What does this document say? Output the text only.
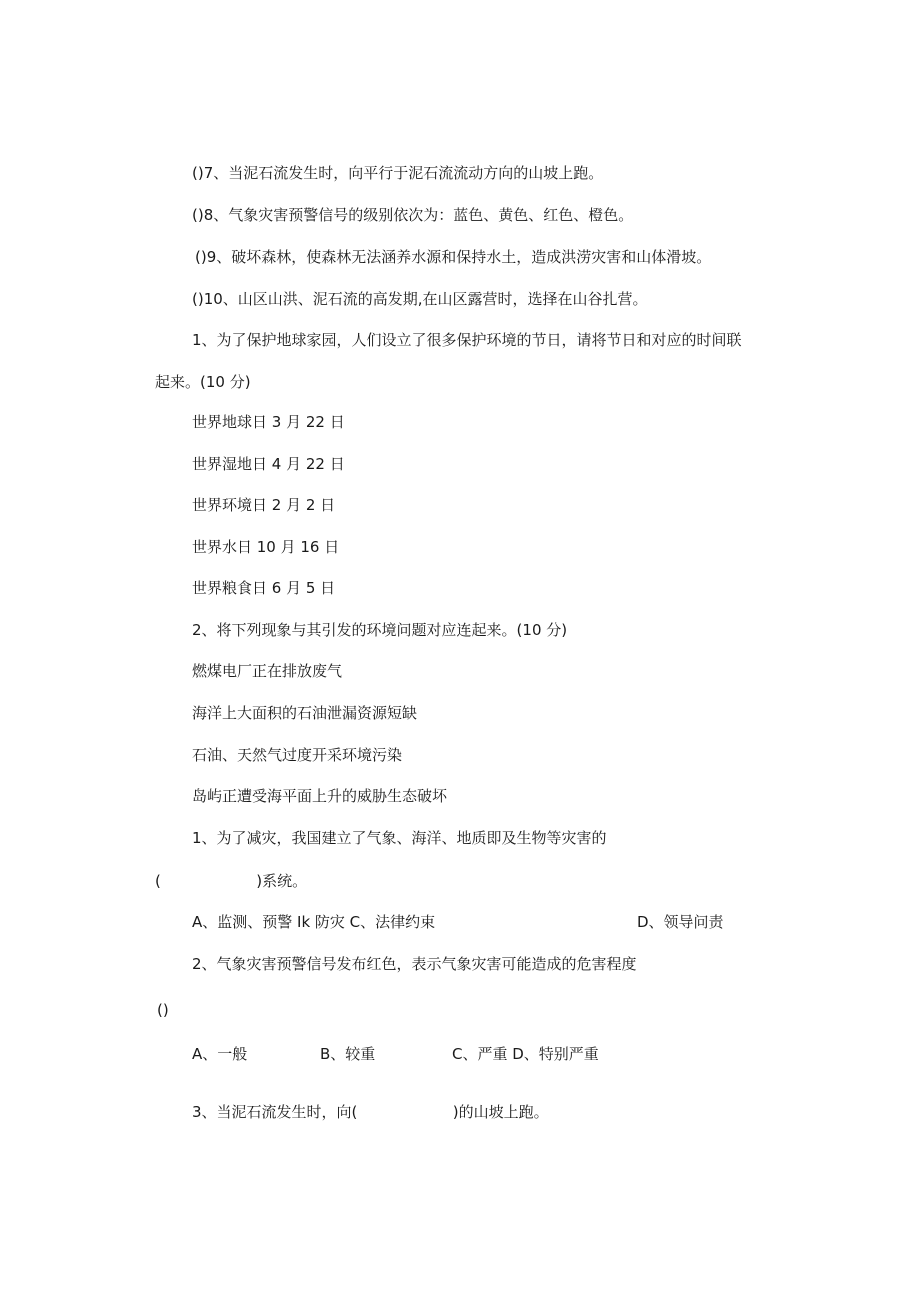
()7、当泥石流发生时，向平行于泥石流流动方向的山坡上跑。
()8、气象灾害预警信号的级别依次为：蓝色、黄色、红色、橙色。
()9、破坏森林，使森林无法涵养水源和保持水土，造成洪涝灾害和山体滑坡。
()10、山区山洪、泥石流的高发期,在山区露营时，选择在山谷扎营。
1、为了保护地球家园，人们设立了很多保护环境的节日，请将节日和对应的时间联
起来。(10 分)
世界地球日 3 月 22 日
世界湿地日 4 月 22 日
世界环境日 2 月 2 日
世界水日 10 月 16 日
世界粮食日 6 月 5 日
2、将下列现象与其引发的环境问题对应连起来。(10 分)
燃煤电厂正在排放废气
海洋上大面积的石油泄漏资源短缺
石油、天然气过度开采环境污染
岛屿正遭受海平面上升的威胁生态破坏
1、为了减灾，我国建立了气象、海洋、地质即及生物等灾害的
(                    )系统。
A、监测、预警 Ik 防灾 C、法律约束	D、领导问责
2、气象灾害预警信号发布红色，表示气象灾害可能造成的危害程度
()
A、一般	B、较重	C、严重 D、特别严重
3、当泥石流发生时，向(                    )的山坡上跑。
